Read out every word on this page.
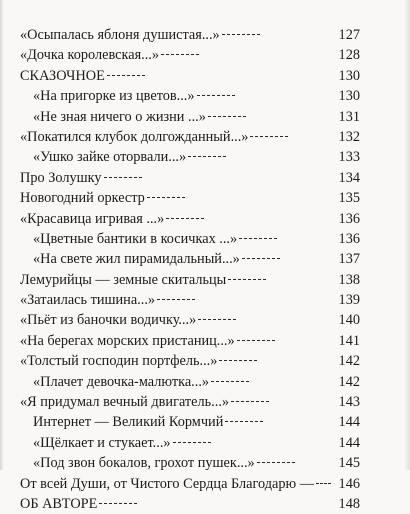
«Осыпалась яблоня душистая...»	127
«Дочка королевская...»	128
СКАЗОЧНОЕ	130
«На пригорке из цветов...»	130
«Не зная ничего о жизни ...»	131
«Покатился клубок долгожданный...»	132
«Ушко зайке оторвали...»	133
Про Золушку	134
Новогодний оркестр	135
«Красавица игривая ...»	136
«Цветные бантики в косичках ...»	136
«На свете жил пирамидальный...»	137
Лемурийцы — земные скитальцы	138
«Затаилась тишина...»	139
«Пьёт из баночки водичку...»	140
«На берегах морских пристаниц...»	141
«Толстый господин портфель...»	142
«Плачет девочка-малютка...»	142
«Я придумал вечный двигатель...»	143
Интернет — Великий Кормчий	144
«Щёлкает и стукает...»	144
«Под звон бокалов, грохот пушек...»	145
От всей Души, от Чистого Сердца Благодарю — 146
ОБ АВТОРЕ	148
